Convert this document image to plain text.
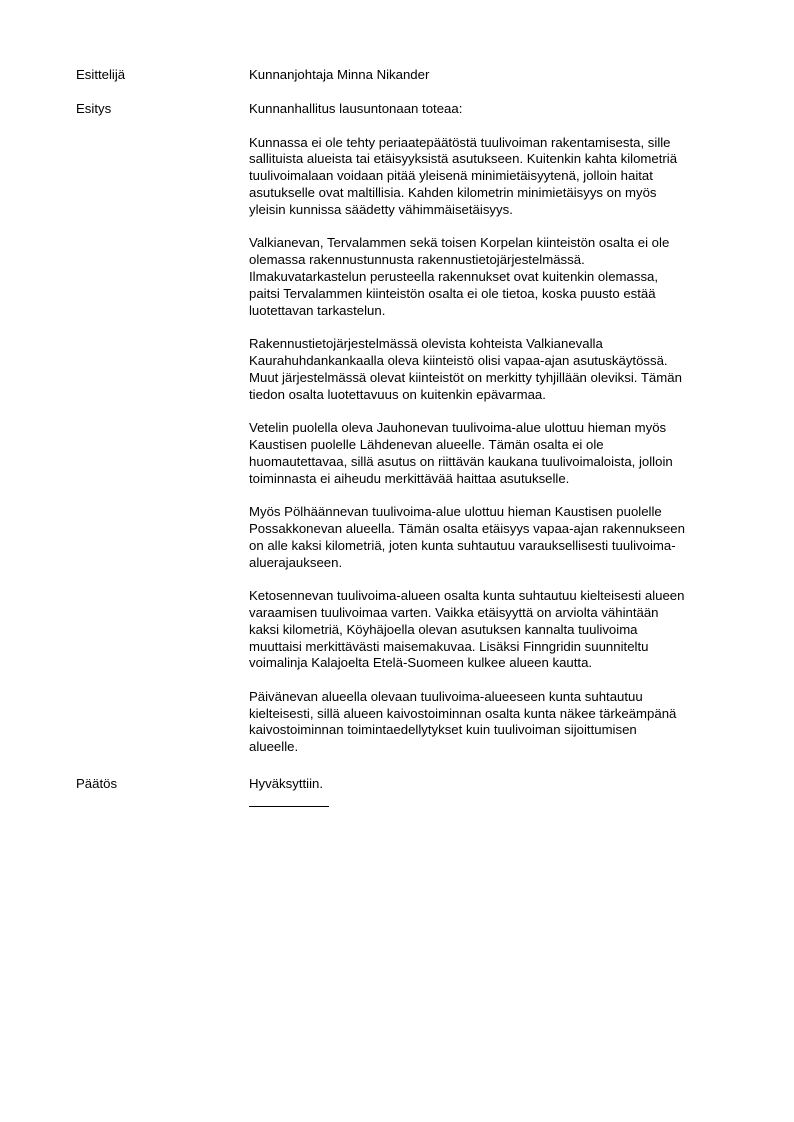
Esittelijä	Kunnanjohtaja Minna Nikander
Esitys	Kunnanhallitus lausuntonaan toteaa:

Kunnassa ei ole tehty periaatepäätöstä tuulivoiman rakentamisesta, sille
sallituista alueista tai etäisyyksistä asutukseen. Kuitenkin kahta kilometriä
tuulivoimalaan voidaan pitää yleisenä minimietäisyytenä, jolloin haitat
asutukselle ovat maltillisia. Kahden kilometrin minimietäisyys on myös
yleisin kunnissa säädetty vähimmäisetäisyys.

Valkianevan, Tervalammen sekä toisen Korpelan kiinteistön osalta ei ole
olemassa rakennustunnusta rakennustietojärjestelmässä.
Ilmakuvatarkastelun perusteella rakennukset ovat kuitenkin olemassa,
paitsi Tervalammen kiinteistön osalta ei ole tietoa, koska puusto estää
luotettavan tarkastelun.

Rakennustietojärjestelmässä olevista kohteista Valkianevalla
Kaurahuhdankankaalla oleva kiinteistö olisi vapaa-ajan asutuskäytössä.
Muut järjestelmässä olevat kiinteistöt on merkitty tyhjillään oleviksi. Tämän
tiedon osalta luotettavuus on kuitenkin epävarmaa.

Vetelin puolella oleva Jauhonevan tuulivoima-alue ulottuu hieman myös
Kaustisen puolelle Lähdenevan alueelle. Tämän osalta ei ole
huomautettavaa, sillä asutus on riittävän kaukana tuulivoimaloista, jolloin
toiminnasta ei aiheudu merkittävää haittaa asutukselle.

Myös Pölhäännevan tuulivoima-alue ulottuu hieman Kaustisen puolelle
Possakkonevan alueella. Tämän osalta etäisyys vapaa-ajan rakennukseen
on alle kaksi kilometriä, joten kunta suhtautuu varauksellisesti tuulivoima-
aluerajaukseen.

Ketosennevan tuulivoima-alueen osalta kunta suhtautuu kielteisesti alueen
varaamisen tuulivoimaa varten. Vaikka etäisyyttä on arviolta vähintään
kaksi kilometriä, Köyhäjoella olevan asutuksen kannalta tuulivoima
muuttaisi merkittävästi maisemakuvaa. Lisäksi Finngridin suunniteltu
voimalinja Kalajoelta Etelä-Suomeen kulkee alueen kautta.

Päivänevan alueella olevaan tuulivoima-alueeseen kunta suhtautuu
kielteisesti, sillä alueen kaivostoiminnan osalta kunta näkee tärkeämpänä
kaivostoiminnan toimintaedellytykset kuin tuulivoiman sijoittumisen
alueelle.

Päätös	Hyväksyttiin.
